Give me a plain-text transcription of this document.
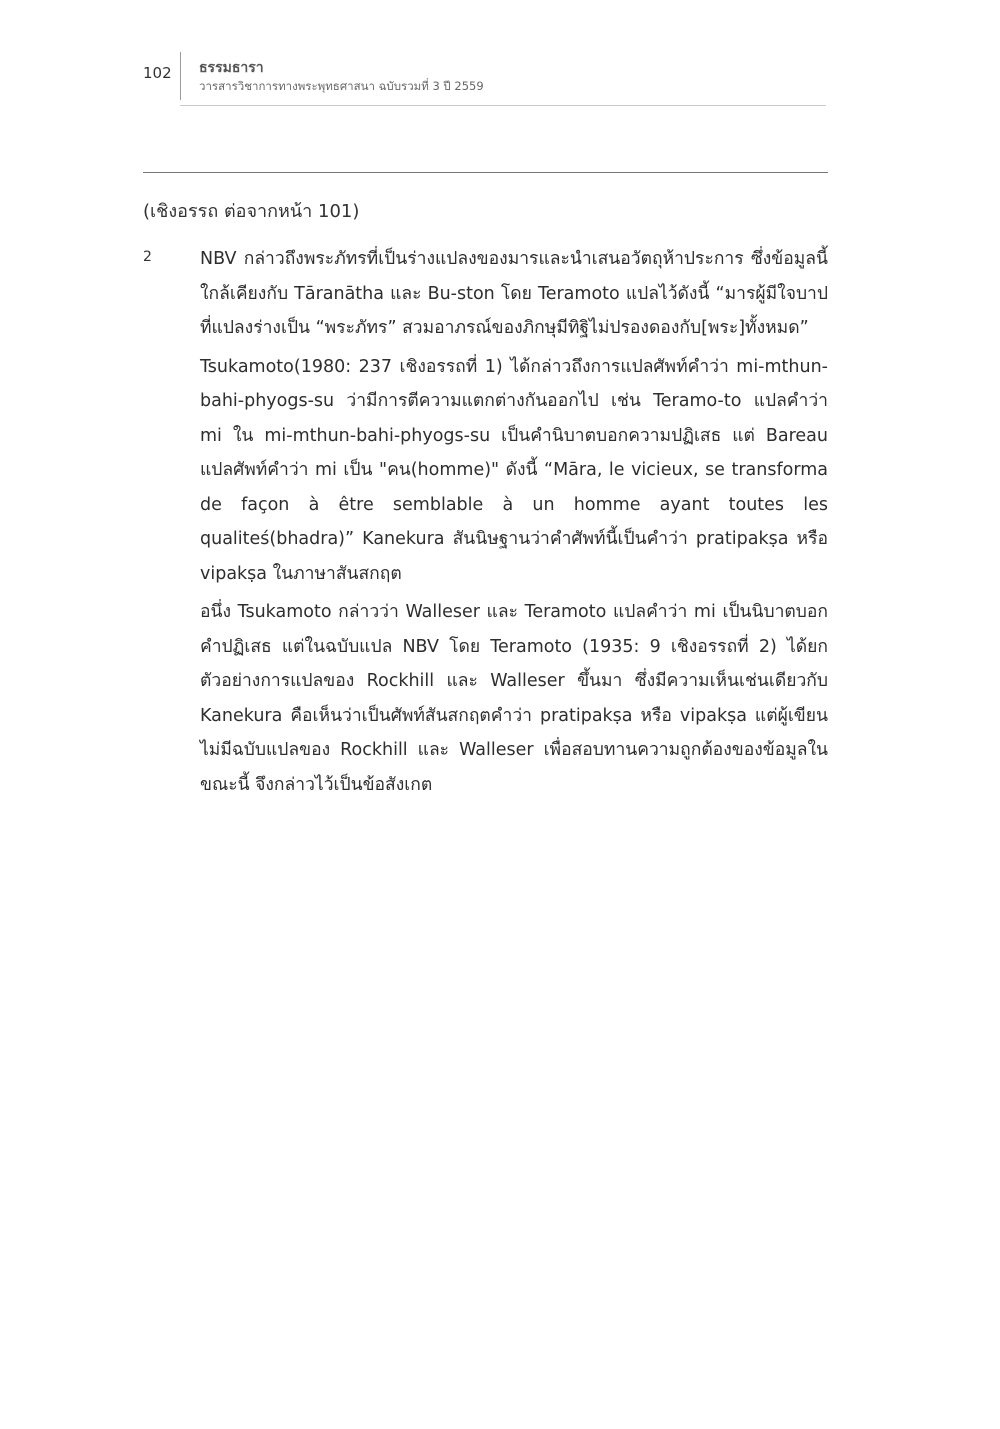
102 ธรรมธารา
วารสารวิชาการทางพระพุทธศาสนา ฉบับรวมที่ 3 ปี 2559
(เชิงอรรถ ต่อจากหน้า 101)
2	NBV กล่าวถึงพระภัทรที่เป็นร่างแปลงของมารและนำเสนอวัตถุห้าประการ ซึ่งข้อมูลนี้ใกล้เคียงกับ Tāranātha และ Bu-ston โดย Teramoto แปลไว้ดังนี้ “มารผู้มีใจบาปที่แปลงร่างเป็น “พระภัทร” สวมอาภรณ์ของภิกษุมีทิฐิไม่ปรองดองกับ[พระ]ทั้งหมด”

Tsukamoto(1980: 237 เชิงอรรถที่ 1) ได้กล่าวถึงการแปลศัพท์คำว่า mi-mthun-bahi-phyogs-su ว่ามีการตีความแตกต่างกันออกไป เช่น Teramo-to แปลคำว่า mi ใน mi-mthun-bahi-phyogs-su เป็นคำนิบาตบอกความปฏิเสธ แต่ Bareau แปลศัพท์คำว่า mi เป็น "คน(homme)" ดังนี้ “Māra, le vicieux, se transforma de façon à être semblable à un homme ayant toutes les qualiteś(bhadra)” Kanekura สันนิษฐานว่าคำศัพท์นี้เป็นคำว่า pratipakṣa หรือ vipakṣa ในภาษาสันสกฤต

อนึ่ง Tsukamoto กล่าวว่า Walleser และ Teramoto แปลคำว่า mi เป็นนิบาตบอกคำปฏิเสธ แต่ในฉบับแปล NBV โดย Teramoto (1935: 9 เชิงอรรถที่ 2) ได้ยกตัวอย่างการแปลของ Rockhill และ Walleser ขึ้นมา ซึ่งมีความเห็นเช่นเดียวกับ Kanekura คือเห็นว่าเป็นศัพท์สันสกฤตคำว่า pratipakṣa หรือ vipakṣa แต่ผู้เขียนไม่มีฉบับแปลของ Rockhill และ Walleser เพื่อสอบทานความถูกต้องของข้อมูลในขณะนี้ จึงกล่าวไว้เป็นข้อสังเกต
